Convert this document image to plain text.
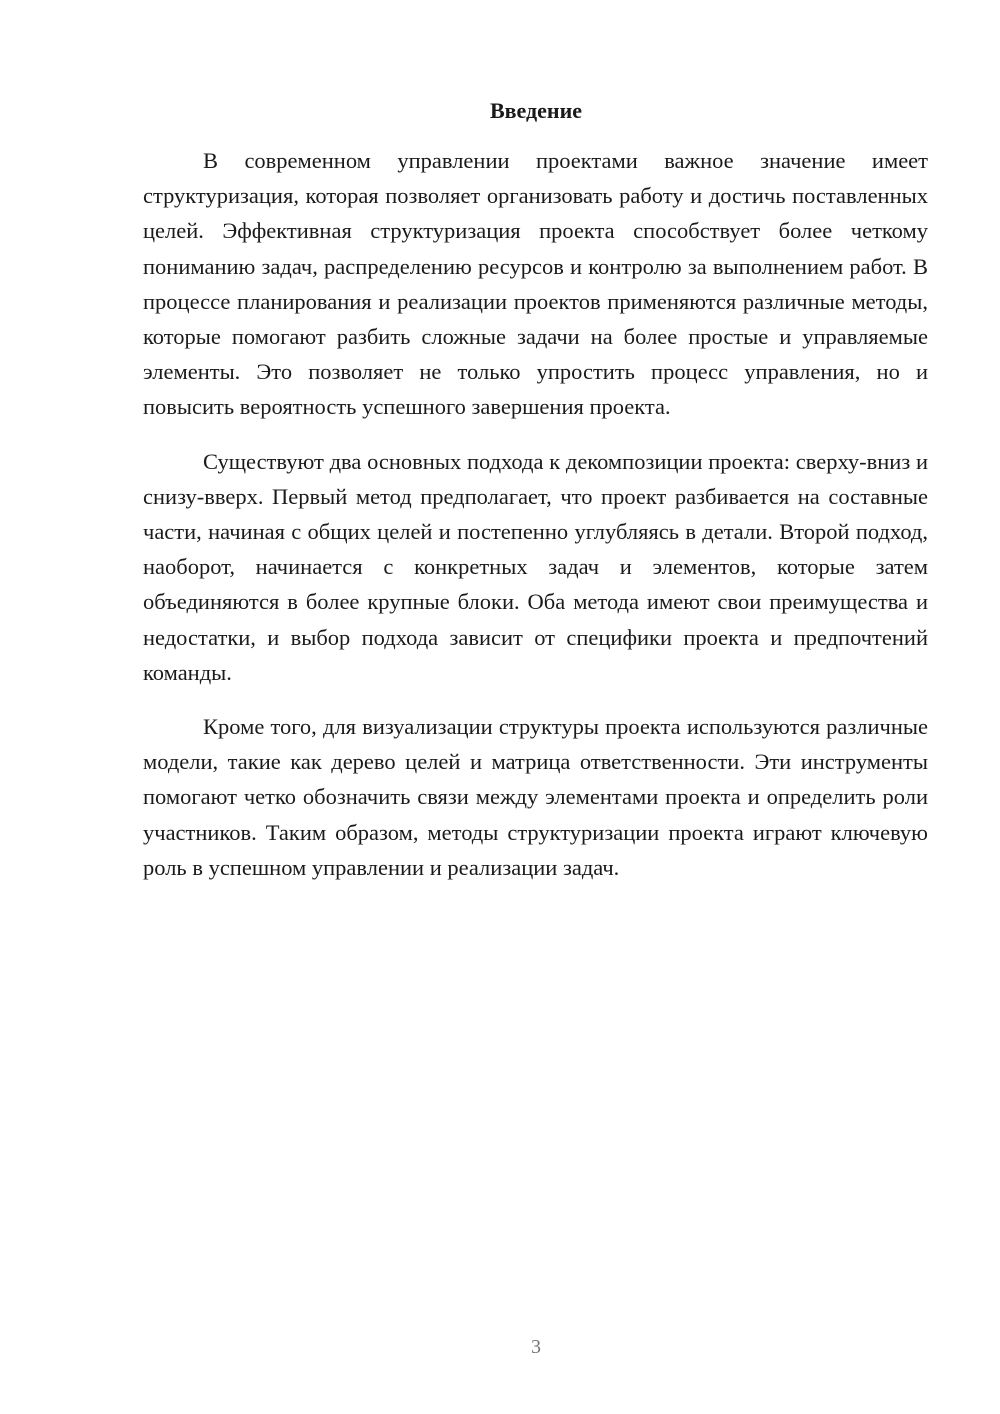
Введение

В современном управлении проектами важное значение имеет структуризация, которая позволяет организовать работу и достичь поставленных целей. Эффективная структуризация проекта способствует более четкому пониманию задач, распределению ресурсов и контролю за выполнением работ. В процессе планирования и реализации проектов применяются различные методы, которые помогают разбить сложные задачи на более простые и управляемые элементы. Это позволяет не только упростить процесс управления, но и повысить вероятность успешного завершения проекта.

Существуют два основных подхода к декомпозиции проекта: сверху-вниз и снизу-вверх. Первый метод предполагает, что проект разбивается на составные части, начиная с общих целей и постепенно углубляясь в детали. Второй подход, наоборот, начинается с конкретных задач и элементов, которые затем объединяются в более крупные блоки. Оба метода имеют свои преимущества и недостатки, и выбор подхода зависит от специфики проекта и предпочтений команды.

Кроме того, для визуализации структуры проекта используются различные модели, такие как дерево целей и матрица ответственности. Эти инструменты помогают четко обозначить связи между элементами проекта и определить роли участников. Таким образом, методы структуризации проекта играют ключевую роль в успешном управлении и реализации задач.

3
